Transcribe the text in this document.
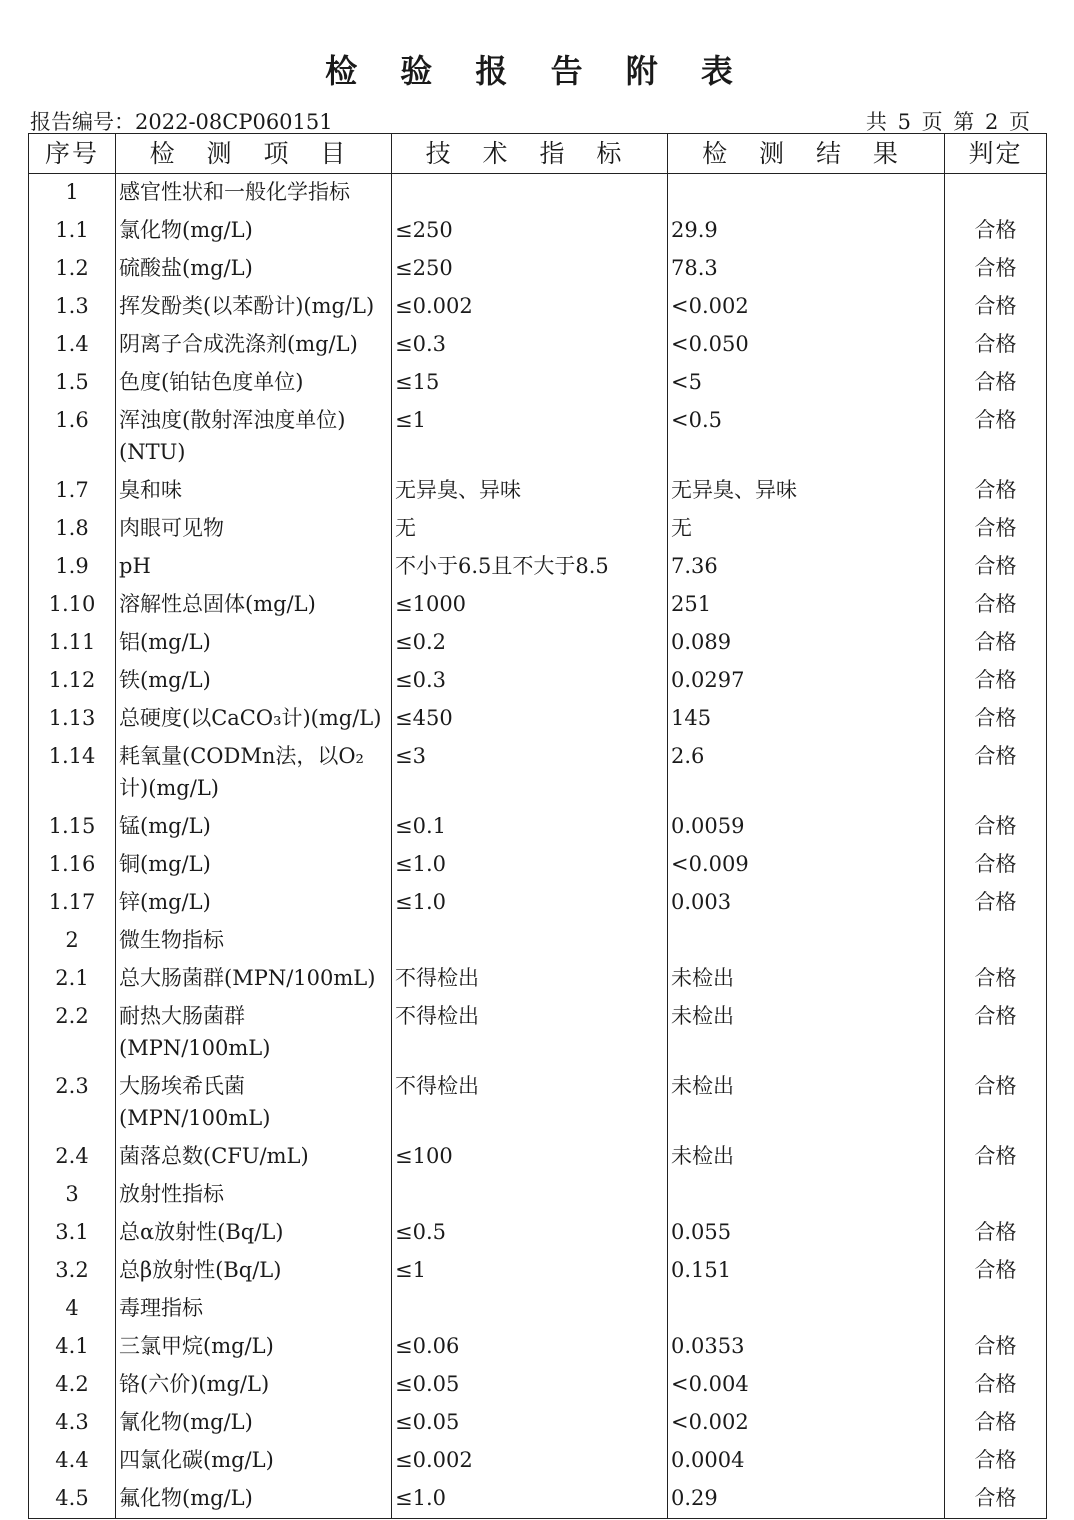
检 验 报 告 附 表
报告编号：2022-08CP060151	共 5 页 第 2 页
序号	检 测 项 目	技 术 指 标	检 测 结 果	判定
1	感官性状和一般化学指标			
1.1	氯化物(mg/L)	≤250	29.9	合格
1.2	硫酸盐(mg/L)	≤250	78.3	合格
1.3	挥发酚类(以苯酚计)(mg/L)	≤0.002	<0.002	合格
1.4	阴离子合成洗涤剂(mg/L)	≤0.3	<0.050	合格
1.5	色度(铂钴色度单位)	≤15	<5	合格
1.6	浑浊度(散射浑浊度单位)(NTU)	≤1	<0.5	合格
1.7	臭和味	无异臭、异味	无异臭、异味	合格
1.8	肉眼可见物	无	无	合格
1.9	pH	不小于6.5且不大于8.5	7.36	合格
1.10	溶解性总固体(mg/L)	≤1000	251	合格
1.11	铝(mg/L)	≤0.2	0.089	合格
1.12	铁(mg/L)	≤0.3	0.0297	合格
1.13	总硬度(以CaCO₃计)(mg/L)	≤450	145	合格
1.14	耗氧量(CODMn法，以O₂计)(mg/L)	≤3	2.6	合格
1.15	锰(mg/L)	≤0.1	0.0059	合格
1.16	铜(mg/L)	≤1.0	<0.009	合格
1.17	锌(mg/L)	≤1.0	0.003	合格
2	微生物指标			
2.1	总大肠菌群(MPN/100mL)	不得检出	未检出	合格
2.2	耐热大肠菌群(MPN/100mL)	不得检出	未检出	合格
2.3	大肠埃希氏菌(MPN/100mL)	不得检出	未检出	合格
2.4	菌落总数(CFU/mL)	≤100	未检出	合格
3	放射性指标			
3.1	总α放射性(Bq/L)	≤0.5	0.055	合格
3.2	总β放射性(Bq/L)	≤1	0.151	合格
4	毒理指标			
4.1	三氯甲烷(mg/L)	≤0.06	0.0353	合格
4.2	铬(六价)(mg/L)	≤0.05	<0.004	合格
4.3	氰化物(mg/L)	≤0.05	<0.002	合格
4.4	四氯化碳(mg/L)	≤0.002	0.0004	合格
4.5	氟化物(mg/L)	≤1.0	0.29	合格
